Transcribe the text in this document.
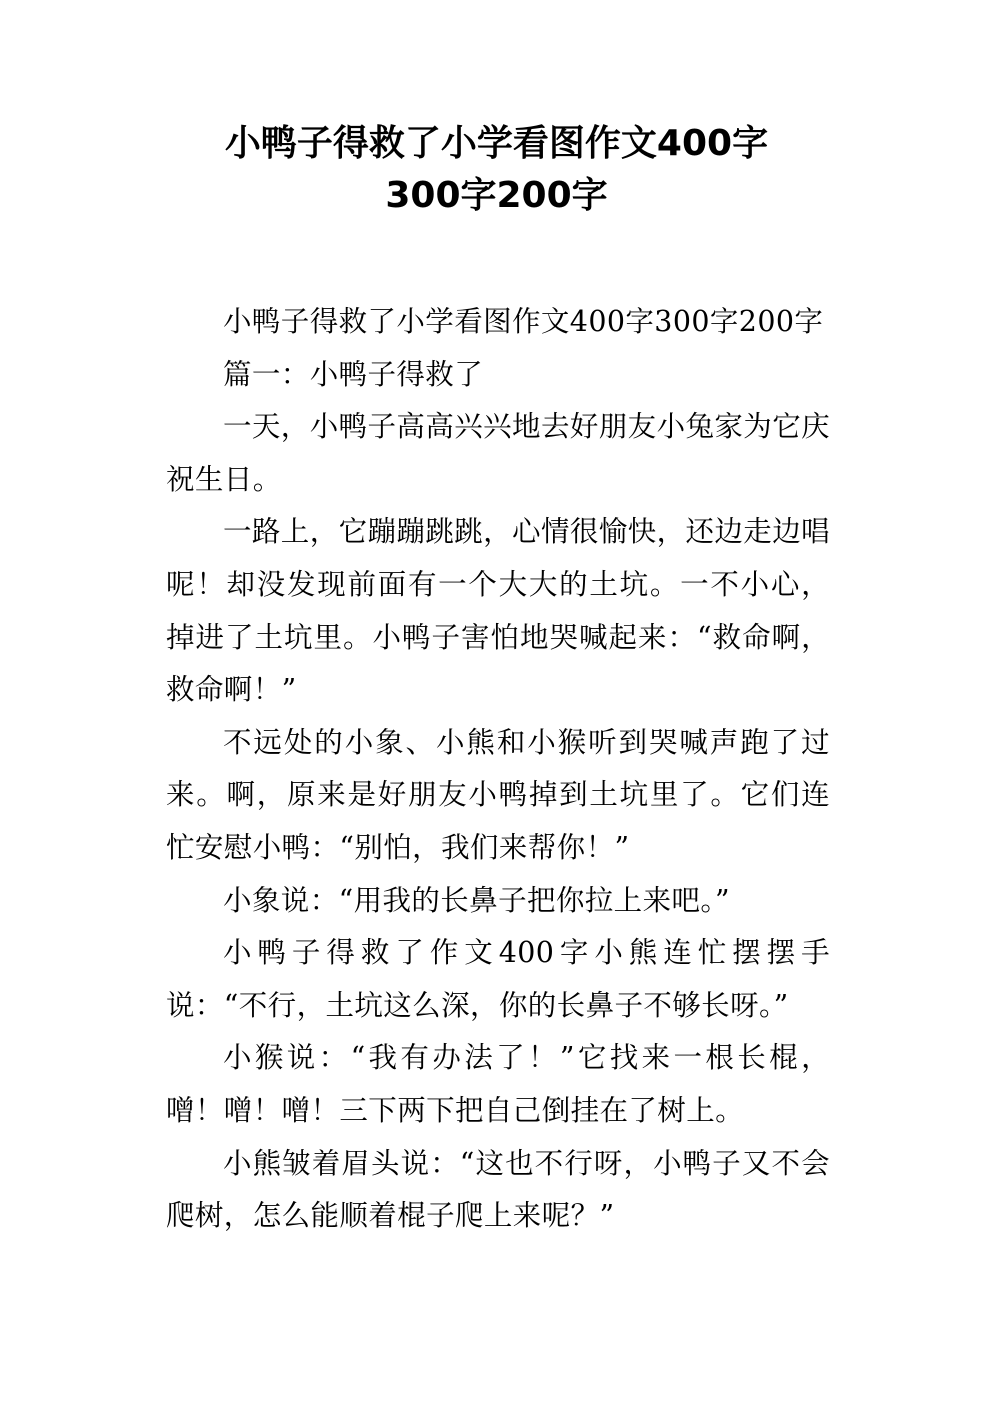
小鸭子得救了小学看图作文400字
300字200字

小鸭子得救了小学看图作文400字300字200字

篇一：小鸭子得救了

一天，小鸭子高高兴兴地去好朋友小兔家为它庆祝生日。

一路上，它蹦蹦跳跳，心情很愉快，还边走边唱呢！却没发现前面有一个大大的土坑。一不小心，掉进了土坑里。小鸭子害怕地哭喊起来：“救命啊，救命啊！”

不远处的小象、小熊和小猴听到哭喊声跑了过来。啊，原来是好朋友小鸭掉到土坑里了。它们连忙安慰小鸭：“别怕，我们来帮你！”

小象说：“用我的长鼻子把你拉上来吧。”

小鸭子得救了作文400字小熊连忙摆摆手说：“不行，土坑这么深，你的长鼻子不够长呀。”

小猴说：“我有办法了！”它找来一根长棍，噌！噌！噌！三下两下把自己倒挂在了树上。

小熊皱着眉头说：“这也不行呀，小鸭子又不会爬树，怎么能顺着棍子爬上来呢？”
